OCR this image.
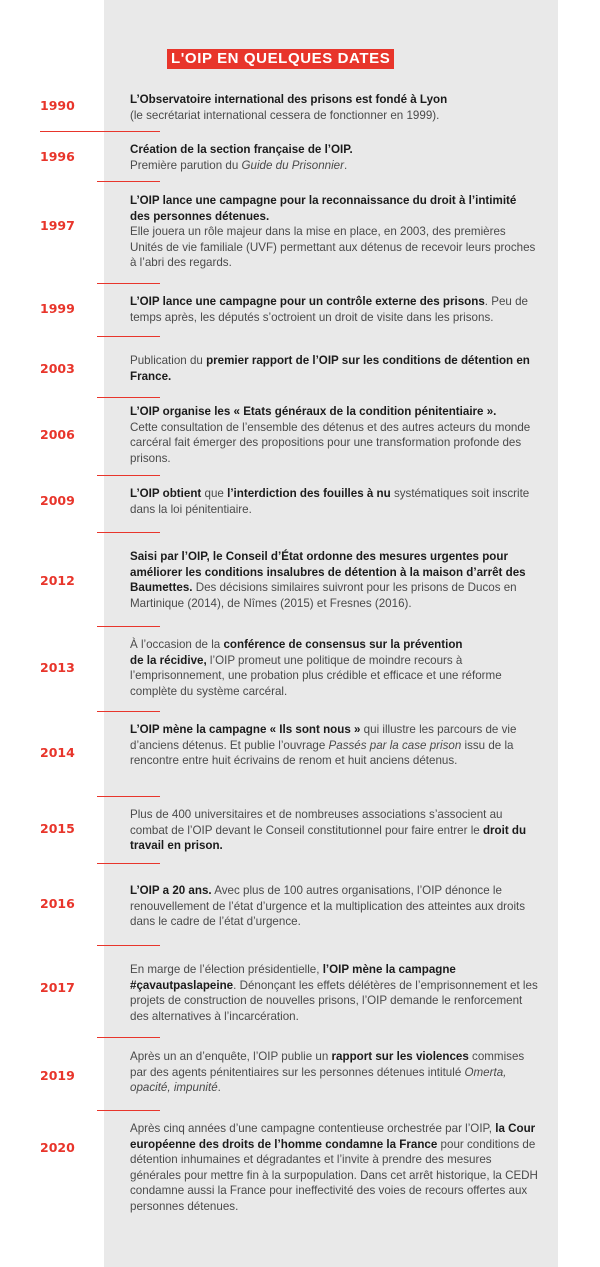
L'OIP EN QUELQUES DATES
1990	L’Observatoire international des prisons est fondé à Lyon
(le secrétariat international cessera de fonctionner en 1999).
1996	Création de la section française de l’OIP.
Première parution du Guide du Prisonnier.
1997
L’OIP lance une campagne pour la reconnaissance du droit à l’intimité des personnes détenues.
Elle jouera un rôle majeur dans la mise en place, en 2003, des premières Unités de vie familiale (UVF) permettant aux détenus de recevoir leurs proches à l’abri des regards.
1999	L’OIP lance une campagne pour un contrôle externe des prisons. Peu de temps après, les députés s’octroient un droit de visite dans les prisons.
2003
Publication du premier rapport de l’OIP sur les conditions de détention en France.
2006
L’OIP organise les « Etats généraux de la condition pénitentiaire ».
Cette consultation de l’ensemble des détenus et des autres acteurs du monde carcéral fait émerger des propositions pour une transformation profonde des prisons.
2009	L’OIP obtient que l’interdiction des fouilles à nu systématiques soit inscrite dans la loi pénitentiaire.
2012
Saisi par l’OIP, le Conseil d’État ordonne des mesures urgentes pour améliorer les conditions insalubres de détention à la maison d’arrêt des Baumettes. Des décisions similaires suivront pour les prisons de Ducos en Martinique (2014), de Nîmes (2015) et Fresnes (2016).
2013
À l’occasion de la conférence de consensus sur la prévention
de la récidive, l’OIP promeut une politique de moindre recours à l’emprisonnement, une probation plus crédible et efficace et une réforme complète du système carcéral.
2014
L’OIP mène la campagne « Ils sont nous » qui illustre les parcours de vie d’anciens détenus. Et publie l’ouvrage Passés par la case prison issu de la rencontre entre huit écrivains de renom et huit anciens détenus.
2015
Plus de 400 universitaires et de nombreuses associations s’associent au combat de l’OIP devant le Conseil constitutionnel pour faire entrer le droit du travail en prison.
2016
L’OIP a 20 ans. Avec plus de 100 autres organisations, l’OIP dénonce le renouvellement de l’état d’urgence et la multiplication des atteintes aux droits dans le cadre de l’état d’urgence.
2017
En marge de l’élection présidentielle, l’OIP mène la campagne #çavautpaslapeine. Dénonçant les effets délétères de l’emprisonnement et les projets de construction de nouvelles prisons, l’OIP demande le renforcement des alternatives à l’incarcération.
2019
Après un an d’enquête, l’OIP publie un rapport sur les violences commises par des agents pénitentiaires sur les personnes détenues intitulé Omerta, opacité, impunité.
2020
Après cinq années d’une campagne contentieuse orchestrée par l’OIP, la Cour européenne des droits de l’homme condamne la France pour conditions de détention inhumaines et dégradantes et l’invite à prendre des mesures générales pour mettre fin à la surpopulation. Dans cet arrêt historique, la CEDH condamne aussi la France pour ineffectivité des voies de recours offertes aux personnes détenues.
